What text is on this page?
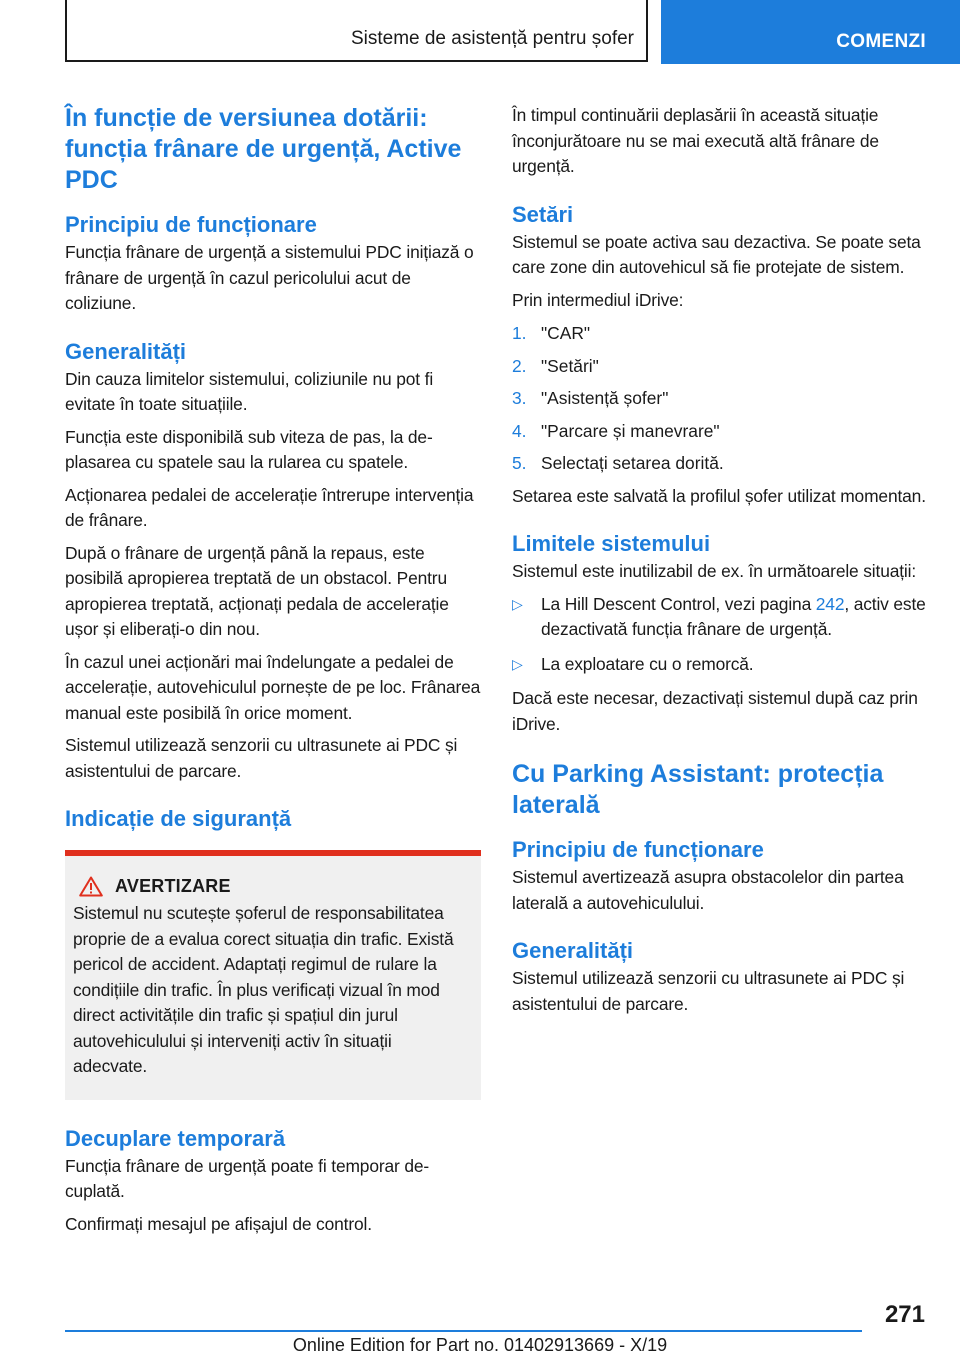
Sisteme de asistență pentru șofer	COMENZI
În funcție de versiunea dotării: funcția frânare de urgență, Active PDC
Principiu de funcționare
Funcția frânare de urgență a sistemului PDC inițiază o frânare de urgență în cazul pericolului acut de coliziune.
Generalități
Din cauza limitelor sistemului, coliziunile nu pot fi evitate în toate situațiile.
Funcția este disponibilă sub viteza de pas, la deplasarea cu spatele sau la rularea cu spatele.
Acționarea pedalei de accelerație întrerupe intervenția de frânare.
După o frânare de urgență până la repaus, este posibilă apropierea treptată de un obstacol. Pentru apropierea treptată, acționați pedala de accelerație ușor și eliberați-o din nou.
În cazul unei acționări mai îndelungate a pedalei de accelerație, autovehiculul pornește de pe loc. Frânarea manual este posibilă în orice moment.
Sistemul utilizează senzorii cu ultrasunete ai PDC și asistentului de parcare.
Indicație de siguranță
AVERTIZARE
Sistemul nu scutește șoferul de responsabilitatea proprie de a evalua corect situația din trafic. Există pericol de accident. Adaptați regimul de rulare la condițiile din trafic. În plus verificați vizual în mod direct activitățile din trafic și spațiul din jurul autovehiculului și interveniți activ în situații adecvate.
Decuplare temporară
Funcția frânare de urgență poate fi temporar decuplată.
Confirmați mesajul pe afișajul de control.
În timpul continuării deplasării în această situație înconjurătoare nu se mai execută altă frânare de urgență.
Setări
Sistemul se poate activa sau dezactiva. Se poate seta care zone din autovehicul să fie protejate de sistem.
Prin intermediul iDrive:
1. "CAR"
2. "Setări"
3. "Asistență șofer"
4. "Parcare și manevrare"
5. Selectați setarea dorită.
Setarea este salvată la profilul șofer utilizat momentan.
Limitele sistemului
Sistemul este inutilizabil de ex. în următoarele situații:
▷	La Hill Descent Control, vezi pagina 242, activ este dezactivată funcția frânare de urgență.
▷	La exploatare cu o remorcă.
Dacă este necesar, dezactivați sistemul după caz prin iDrive.
Cu Parking Assistant: protecția laterală
Principiu de funcționare
Sistemul avertizează asupra obstacolelor din partea laterală a autovehiculului.
Generalități
Sistemul utilizează senzorii cu ultrasunete ai PDC și asistentului de parcare.
271
Online Edition for Part no. 01402913669 - X/19
